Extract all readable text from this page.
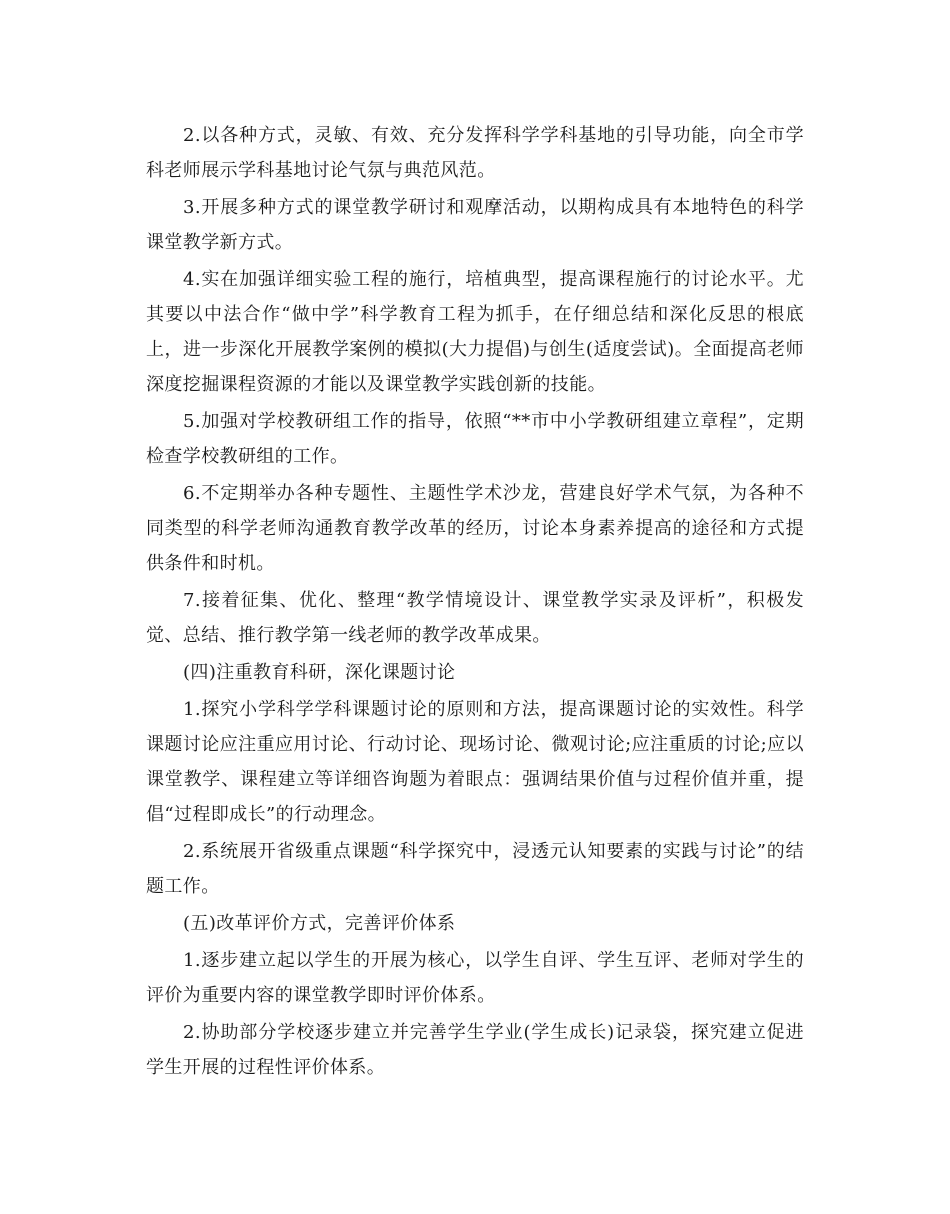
2.以各种方式，灵敏、有效、充分发挥科学学科基地的引导功能，向全市学科老师展示学科基地讨论气氛与典范风范。

3.开展多种方式的课堂教学研讨和观摩活动，以期构成具有本地特色的科学课堂教学新方式。

4.实在加强详细实验工程的施行，培植典型，提高课程施行的讨论水平。尤其要以中法合作“做中学”科学教育工程为抓手，在仔细总结和深化反思的根底上，进一步深化开展教学案例的模拟(大力提倡)与创生(适度尝试)。全面提高老师深度挖掘课程资源的才能以及课堂教学实践创新的技能。

5.加强对学校教研组工作的指导，依照“**市中小学教研组建立章程”，定期检查学校教研组的工作。

6.不定期举办各种专题性、主题性学术沙龙，营建良好学术气氛，为各种不同类型的科学老师沟通教育教学改革的经历，讨论本身素养提高的途径和方式提供条件和时机。

7.接着征集、优化、整理“教学情境设计、课堂教学实录及评析”，积极发觉、总结、推行教学第一线老师的教学改革成果。

(四)注重教育科研，深化课题讨论

1.探究小学科学学科课题讨论的原则和方法，提高课题讨论的实效性。科学课题讨论应注重应用讨论、行动讨论、现场讨论、微观讨论;应注重质的讨论;应以课堂教学、课程建立等详细咨询题为着眼点：强调结果价值与过程价值并重，提倡“过程即成长”的行动理念。

2.系统展开省级重点课题“科学探究中，浸透元认知要素的实践与讨论”的结题工作。

(五)改革评价方式，完善评价体系

1.逐步建立起以学生的开展为核心，以学生自评、学生互评、老师对学生的评价为重要内容的课堂教学即时评价体系。

2.协助部分学校逐步建立并完善学生学业(学生成长)记录袋，探究建立促进学生开展的过程性评价体系。
